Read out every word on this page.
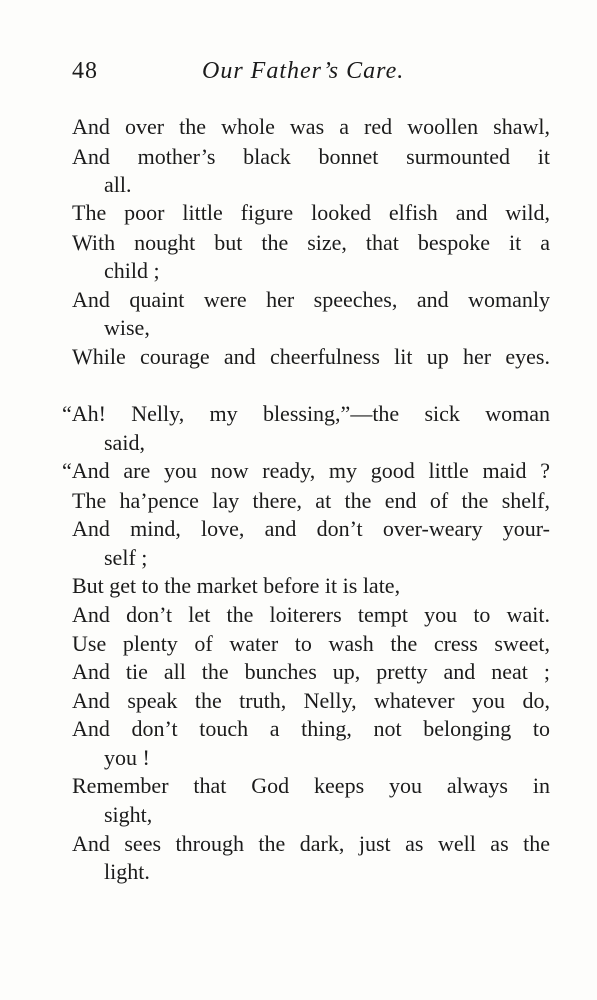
48	Our Father’s Care.
And over the whole was a red woollen shawl,
And mother’s black bonnet surmounted it
all.
The poor little figure looked elfish and wild,
With nought but the size, that bespoke it a
child ;
And quaint were her speeches, and womanly
wise,
While courage and cheerfulness lit up her eyes.
“Ah! Nelly, my blessing,”—the sick woman
said,
“And are you now ready, my good little maid ?
The ha’pence lay there, at the end of the shelf,
And mind, love, and don’t over-weary your-
self ;
But get to the market before it is late,
And don’t let the loiterers tempt you to wait.
Use plenty of water to wash the cress sweet,
And tie all the bunches up, pretty and neat ;
And speak the truth, Nelly, whatever you do,
And don’t touch a thing, not belonging to
you !
Remember that God keeps you always in
sight,
And sees through the dark, just as well as the
light.
